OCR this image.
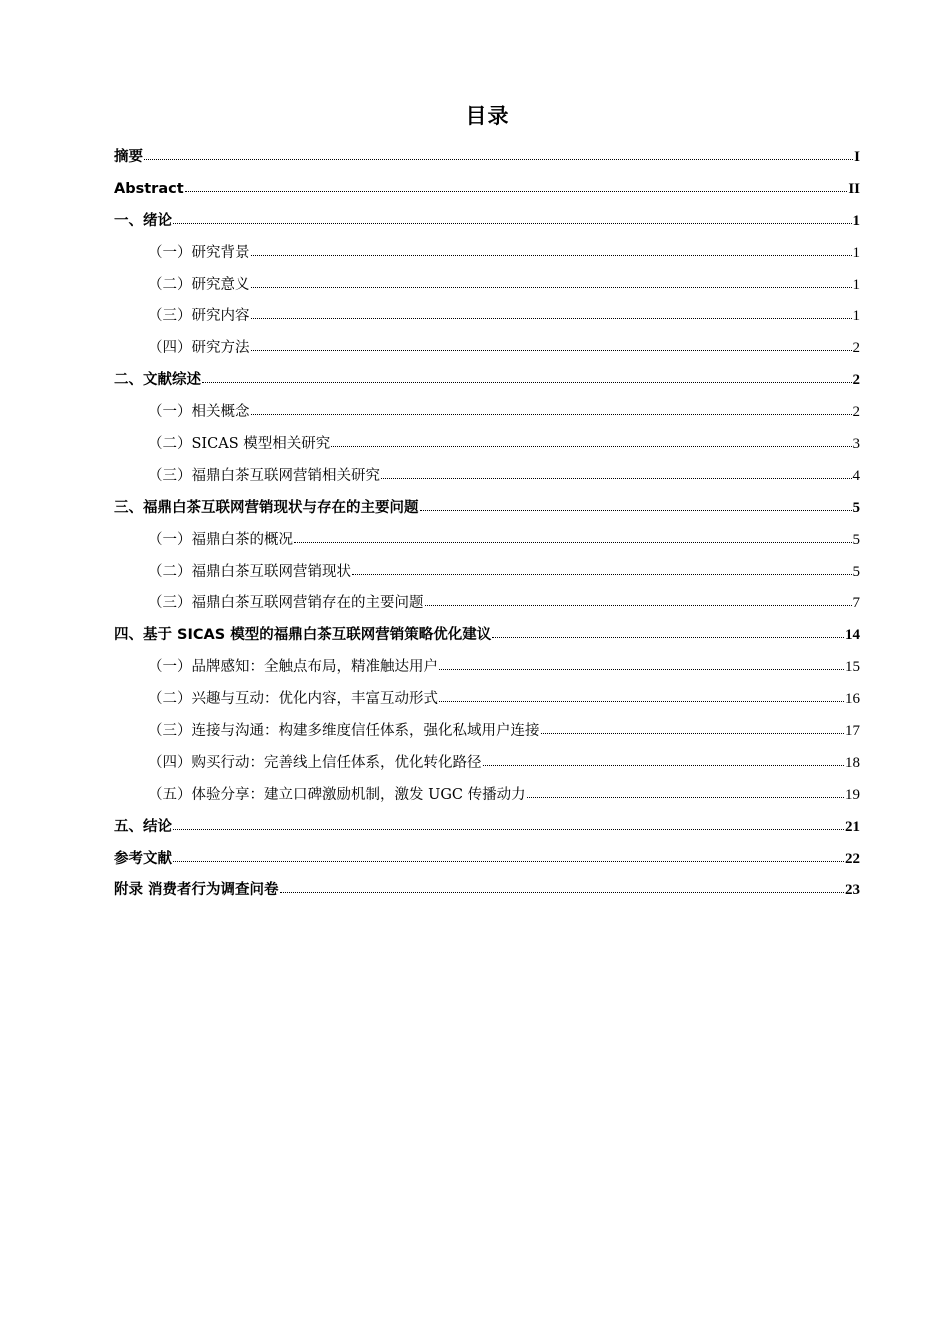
目录
摘要	I
Abstract	II
一、绪论	1
（一）研究背景	1
（二）研究意义	1
（三）研究内容	1
（四）研究方法	2
二、文献综述	2
（一）相关概念	2
（二）SICAS 模型相关研究	3
（三）福鼎白茶互联网营销相关研究	4
三、福鼎白茶互联网营销现状与存在的主要问题	5
（一）福鼎白茶的概况	5
（二）福鼎白茶互联网营销现状	5
（三）福鼎白茶互联网营销存在的主要问题	7
四、基于 SICAS 模型的福鼎白茶互联网营销策略优化建议	14
（一）品牌感知：全触点布局，精准触达用户	15
（二）兴趣与互动：优化内容，丰富互动形式	16
（三）连接与沟通：构建多维度信任体系，强化私域用户连接	17
（四）购买行动：完善线上信任体系，优化转化路径	18
（五）体验分享：建立口碑激励机制，激发 UGC 传播动力	19
五、结论	21
参考文献	22
附录 消费者行为调查问卷	23
